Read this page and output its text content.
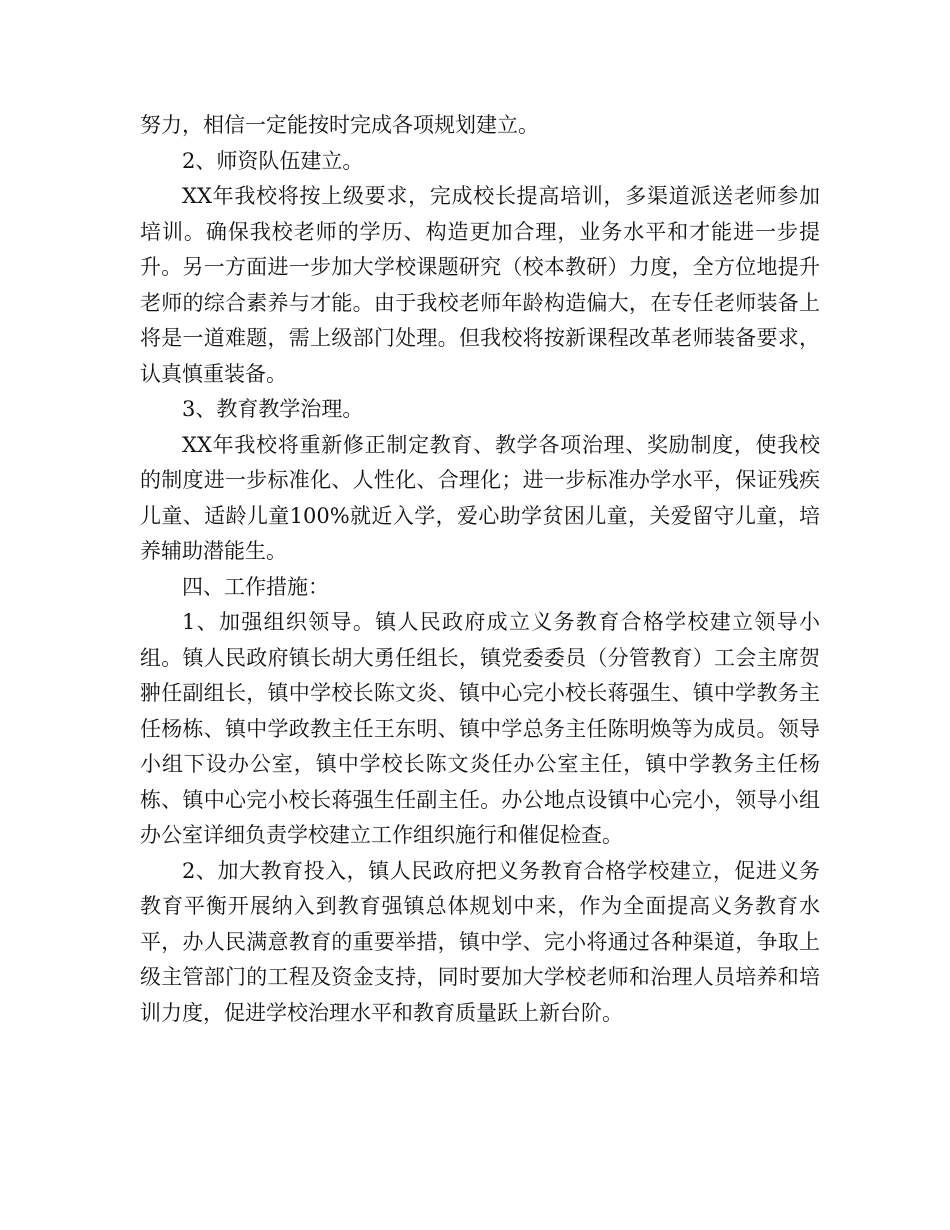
努力，相信一定能按时完成各项规划建立。

2、师资队伍建立。

XX年我校将按上级要求，完成校长提高培训，多渠道派送老师参加培训。确保我校老师的学历、构造更加合理，业务水平和才能进一步提升。另一方面进一步加大学校课题研究（校本教研）力度，全方位地提升老师的综合素养与才能。由于我校老师年龄构造偏大，在专任老师装备上将是一道难题，需上级部门处理。但我校将按新课程改革老师装备要求，认真慎重装备。

3、教育教学治理。

XX年我校将重新修正制定教育、教学各项治理、奖励制度，使我校的制度进一步标准化、人性化、合理化；进一步标准办学水平，保证残疾儿童、适龄儿童100%就近入学，爱心助学贫困儿童，关爱留守儿童，培养辅助潜能生。

四、工作措施：

1、加强组织领导。镇人民政府成立义务教育合格学校建立领导小组。镇人民政府镇长胡大勇任组长，镇党委委员（分管教育）工会主席贺翀任副组长，镇中学校长陈文炎、镇中心完小校长蒋强生、镇中学教务主任杨栋、镇中学政教主任王东明、镇中学总务主任陈明焕等为成员。领导小组下设办公室，镇中学校长陈文炎任办公室主任，镇中学教务主任杨栋、镇中心完小校长蒋强生任副主任。办公地点设镇中心完小，领导小组办公室详细负责学校建立工作组织施行和催促检查。

2、加大教育投入，镇人民政府把义务教育合格学校建立，促进义务教育平衡开展纳入到教育强镇总体规划中来，作为全面提高义务教育水平，办人民满意教育的重要举措，镇中学、完小将通过各种渠道，争取上级主管部门的工程及资金支持，同时要加大学校老师和治理人员培养和培训力度，促进学校治理水平和教育质量跃上新台阶。
